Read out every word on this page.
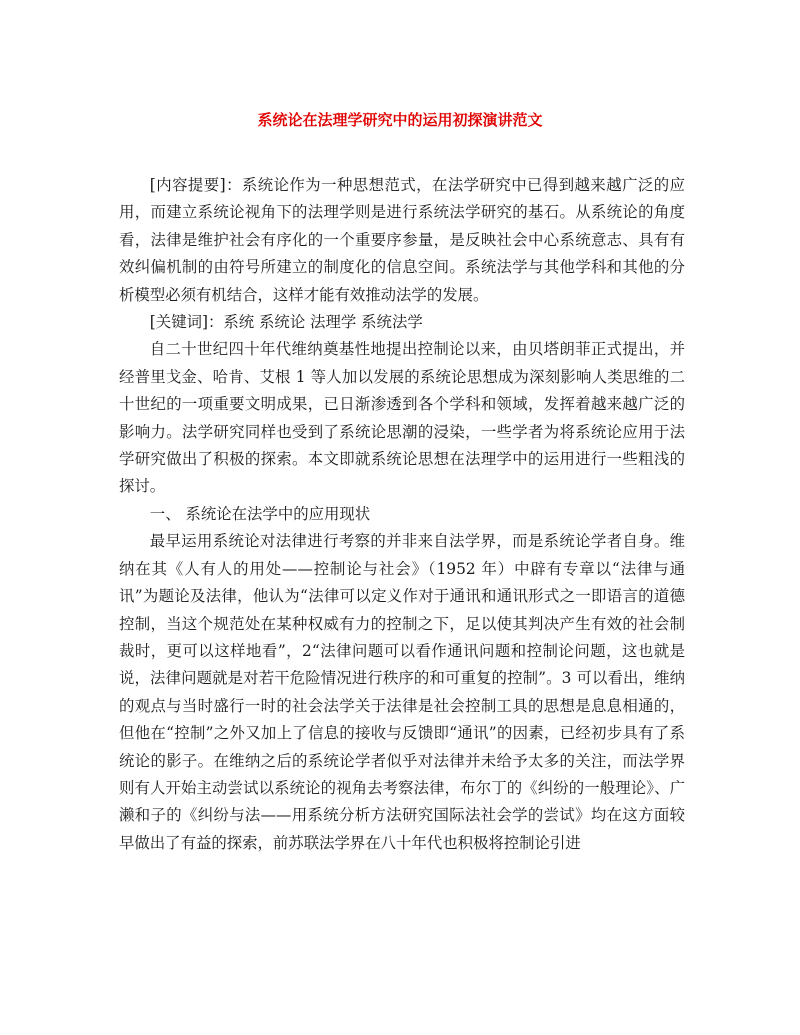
系统论在法理学研究中的运用初探演讲范文

[内容提要]：系统论作为一种思想范式，在法学研究中已得到越来越广泛的应用，而建立系统论视角下的法理学则是进行系统法学研究的基石。从系统论的角度看，法律是维护社会有序化的一个重要序参量，是反映社会中心系统意志、具有有效纠偏机制的由符号所建立的制度化的信息空间。系统法学与其他学科和其他的分析模型必须有机结合，这样才能有效推动法学的发展。

[关键词]：系统 系统论 法理学 系统法学

自二十世纪四十年代维纳奠基性地提出控制论以来，由贝塔朗菲正式提出，并经普里戈金、哈肯、艾根 1 等人加以发展的系统论思想成为深刻影响人类思维的二十世纪的一项重要文明成果，已日渐渗透到各个学科和领域，发挥着越来越广泛的影响力。法学研究同样也受到了系统论思潮的浸染，一些学者为将系统论应用于法学研究做出了积极的探索。本文即就系统论思想在法理学中的运用进行一些粗浅的探讨。

一、 系统论在法学中的应用现状

最早运用系统论对法律进行考察的并非来自法学界，而是系统论学者自身。维纳在其《人有人的用处——控制论与社会》（1952 年）中辟有专章以“法律与通讯”为题论及法律，他认为“法律可以定义作对于通讯和通讯形式之一即语言的道德控制，当这个规范处在某种权威有力的控制之下，足以使其判决产生有效的社会制裁时，更可以这样地看”，2“法律问题可以看作通讯问题和控制论问题，这也就是说，法律问题就是对若干危险情况进行秩序的和可重复的控制”。3 可以看出，维纳的观点与当时盛行一时的社会法学关于法律是社会控制工具的思想是息息相通的，但他在“控制”之外又加上了信息的接收与反馈即“通讯”的因素，已经初步具有了系统论的影子。在维纳之后的系统论学者似乎对法律并未给予太多的关注，而法学界则有人开始主动尝试以系统论的视角去考察法律，布尔丁的《纠纷的一般理论》、广濑和子的《纠纷与法——用系统分析方法研究国际法社会学的尝试》均在这方面较早做出了有益的探索，前苏联法学界在八十年代也积极将控制论引进
